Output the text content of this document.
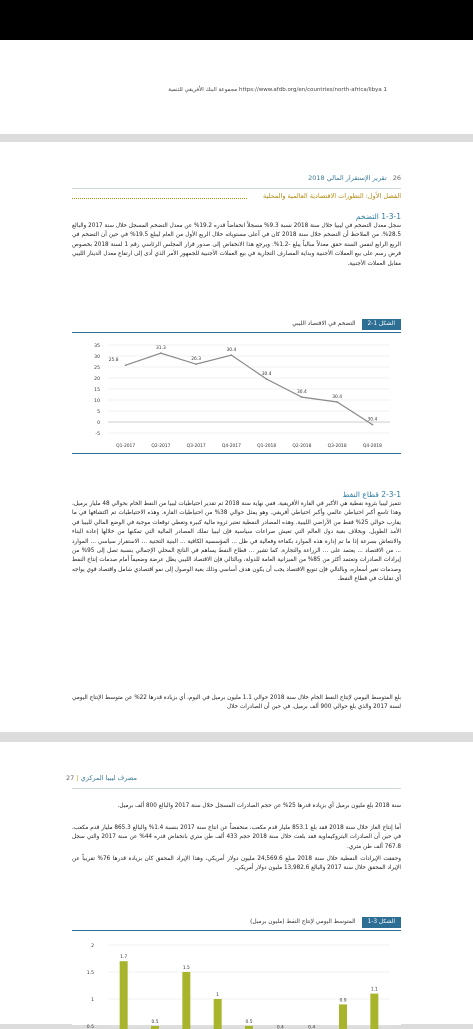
1 https://www.afdb.org/en/countries/north-africa/libya مجموعة البنك الأفريقي للتنمية
26 تقرير الإستقرار المالي 2018
الفصل الأول: التطورات الاقتصادية العالمية والمحلية
1-3-1 التضخم
سجل معدل التضخم في ليبيا خلال سنة 2018 نسبة 9.3% مسجلاً انخفاضاً قدره 19.2% عن معدل التضخم المسجل خلال سنة 2017 والبالغ 28.5%. من الملاحظ أن التضخم خلال سنة 2018 كان في أعلى مستوياته خلال الربع الأول من العام ليبلغ 19.5% في حين أن التضخم في الربع الرابع لنفس السنة حقق معدلاً سالباً يبلغ -1.2%. ويرجع هذا الانخفاض إلى صدور قرار المجلس الرئاسي رقم 1 لسنة 2018 بخصوص فرض رسم على بيع العملات الأجنبية وبداية المصارف التجارية في بيع العملات الأجنبية للجمهور الأمر الذي أدى إلى ارتفاع معدل الدينار الليبي مقابل العملات الأجنبية.
الشكل 1-2
التضخم في الاقتصاد الليبي
35
30
25
20
15
10
5
0
-5
Q1-2017	Q2-2017	Q3-2017	Q4-2017	Q1-2018	Q2-2018	Q3-2018	Q4-2018
25.8
31.3
26.3
30.4
30.4
30.4
30.4
30.4
2-3-1 قطاع النفط
تتميز ليبيا بثروة نفطية هي الأكبر في القارة الأفريقية. ففي نهاية سنة 2018 تم تقدير احتياطيات ليبيا من النفط الخام بحوالي 48 مليار برميل، وهذا تاسع أكبر احتياطي عالمي وأكبر احتياطي أفريقي. وهو يمثل حوالي 38% من احتياطيات القارة. وهذه الاحتياطيات تم اكتشافها في ما يقارب حوالي 25% فقط من الأراضي الليبية. وهذه المصادر النفطية تعتبر ثروة مالية كبيرة وتغطي توقعات موجبة في الوضع المالي لليبيا في الأمد الطويل. وبخلاف بقية دول العالم التي تعيش صراعات سياسية فإن ليبيا تملك المصادر المالية التي تمكنها من خلالها إعادة البناء والانتعاش بسرعة إذا ما تم إدارة هذه الموارد بكفاءة وفعالية في ظل ... المؤسسية الكافية ... البنية التحتية ... الاستقرار سياسي ... الموارد ... من الاقتصاد ... يعتمد على ... الزراعة والتجارة. كما تشير ... قطاع النفط يساهم في الناتج المحلي الإجمالي بنسبة تصل إلى 95% من إيرادات الصادرات وتعتمد أكثر من 85% من الميزانية العامة للدولة، وبالتالي فإن الاقتصاد الليبي يظل عرضة وضعيفاً أمام صدمات إنتاج النفط وصدمات تغير أسعاره، وبالتالي فإن تنويع الاقتصاد يجب أن يكون هدف أساسي وذلك بغية الوصول إلى نمو اقتصادي شامل واقتصاد قوي يواجه أي تقلبات في قطاع النفط.
بلغ المتوسط اليومي لإنتاج النفط الخام خلال سنة 2018 حوالي 1.1 مليون برميل في اليوم، أي بزيادة قدرها 22% عن متوسط الإنتاج اليومي لسنة 2017 والذي بلغ حوالي 900 ألف برميل، في حين أن الصادرات خلال
27 | مصرف ليبيا المركزي
سنة 2018 بلغ مليون برميل أي بزيادة قدرها 25% عن حجم الصادرات المسجل خلال سنة 2017 والبالغ 800 ألف برميل.
أما إنتاج الغاز خلال سنة 2018 فقد بلغ 853.1 مليار قدم مكعب، منخفضاً عن انتاج سنة 2017 بنسبة 1.4% والبالغ 865.3 مليار قدم مكعب، في حين أن الصادرات البتروكيماوية فقد بلغت خلال سنة 2018 حجم 433 ألف طن متري بانخفاض قدره 44% عن سنة 2017 والتي سجل 767.8 ألف طن متري.
وحققت الإيرادات النفطية خلال سنة 2018 مبلغ 24,569.6 مليون دولار أمريكي، وهذا الإيراد المحقق كان بزيادة قدرها 76% تقريباً عن الإيراد المحقق خلال سنة 2017 والبالغ 13,982.6 مليون دولار أمريكي.
الشكل 3-1
المتوسط اليومي لإنتاج النفط (مليون برميل)
2
1.5
1
0.5
1.7
0.5
1.5
1
0.5
0.4	0.4
0.9
1.1
